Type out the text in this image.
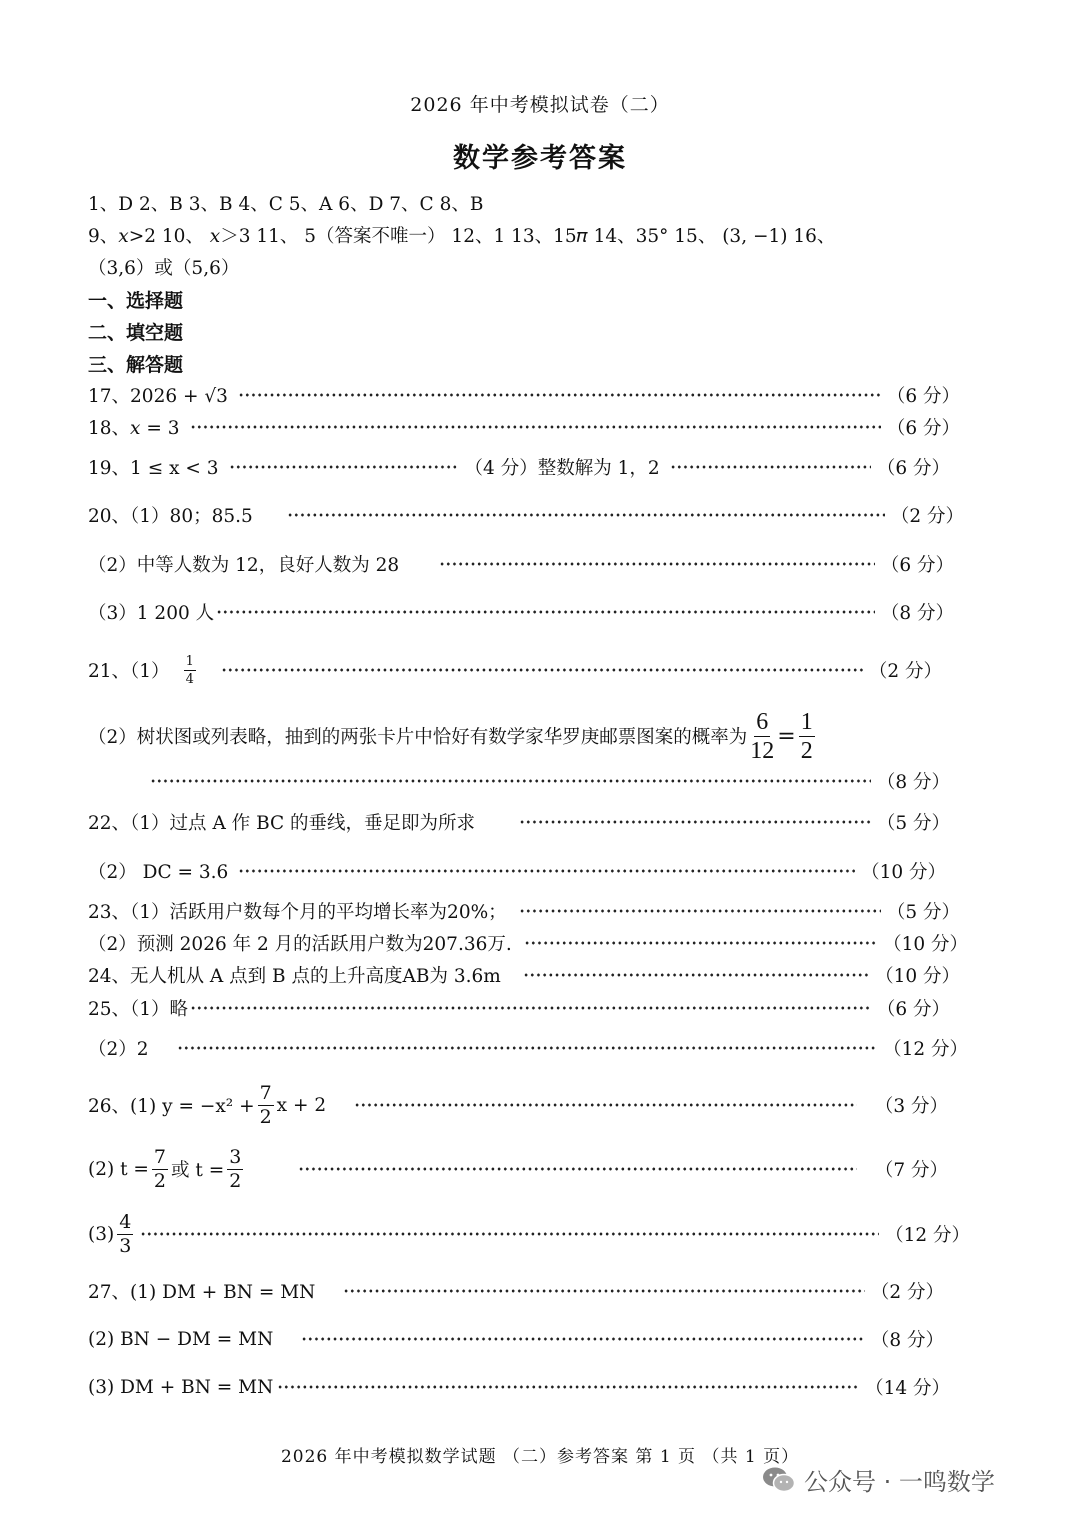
2026 年中考模拟试卷（二）
数学参考答案
1、D 2、B 3、B 4、C 5、A 6、D 7、C 8、B
9、𝑥>2 10、 𝑥＞3 11、 5（答案不唯一） 12、1 13、15𝜋 14、35° 15、 (3, −1) 16、
（3,6）或（5,6）
一、选择题
二、填空题
三、解答题
17、2026 + √3	（6 分）
18、𝑥 = 3	（6 分）
19、1 ≤ x < 3	（4 分）整数解为 1，2	（6 分）
20、（1）80；85.5	（2 分）
（2）中等人数为 12，良好人数为 28	（6 分）
（3）1 200 人	（8 分）
21、$(1) \frac{1}{4}$	（2 分）
（2）树状图或列表略，抽到的两张卡片中恰好有数学家华罗庚邮票图案的概率为 $\frac{6}{12} = \frac{1}{2}$
（8 分）
22、（1）过点 A 作 BC 的垂线，垂足即为所求	（5 分）
（2） DC = 3.6	（10 分）
23、（1）活跃用户数每个月的平均增长率为20%；	（5 分）
（2）预测 2026 年 2 月的活跃用户数为207.36万.	（10 分）
24、无人机从 A 点到 B 点的上升高度AB为 3.6m	（10 分）
25、（1）略	（6 分）
（2）2	（12 分）
26、(1) $y = -x^2 + \frac{7}{2}$ x + 2	（3 分）
(2) $t = \frac{7}{2}$ 或 $t = \frac{3}{2}$	（7 分）
$(3) \frac{4}{3}$	（12 分）
27、(1) DM + BN = MN	（2 分）
(2) BN − DM = MN	（8 分）
(3) DM + BN = MN	（14 分）
2026 年中考模拟数学试题 （二）参考答案 第 1 页 （共 1 页）
公众号 · 一鸣数学
